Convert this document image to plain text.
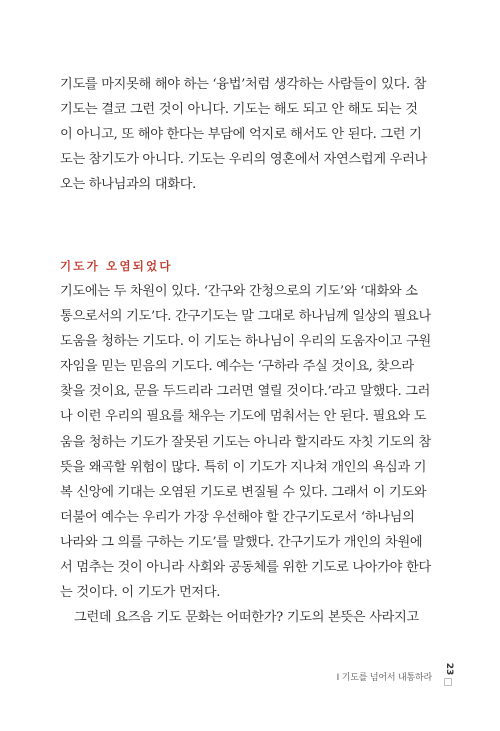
기도를 마지못해 해야 하는 ‘융법’처럼 생각하는 사람들이 있다. 참
기도는 결코 그런 것이 아니다. 기도는 해도 되고 안 해도 되는 것
이 아니고, 또 해야 한다는 부담에 억지로 해서도 안 된다. 그런 기
도는 참기도가 아니다. 기도는 우리의 영혼에서 자연스럽게 우러나
오는 하나님과의 대화다.
기도가 오염되었다
기도에는 두 차원이 있다. ‘간구와 간청으로의 기도’와 ‘대화와 소
통으로서의 기도’다. 간구기도는 말 그대로 하나님께 일상의 필요나
도움을 청하는 기도다. 이 기도는 하나님이 우리의 도움자이고 구원
자임을 믿는 믿음의 기도다. 예수는 ‘구하라 주실 것이요, 찾으라
찾을 것이요, 문을 두드리라 그러면 열릴 것이다.’라고 말했다. 그러
나 이런 우리의 필요를 채우는 기도에 멈춰서는 안 된다. 필요와 도
움을 청하는 기도가 잘못된 기도는 아니라 할지라도 자칫 기도의 참
뜻을 왜곡할 위험이 많다. 특히 이 기도가 지나쳐 개인의 욕심과 기
복 신앙에 기대는 오염된 기도로 변질될 수 있다. 그래서 이 기도와
더불어 예수는 우리가 가장 우선해야 할 간구기도로서 ‘하나님의
나라와 그 의를 구하는 기도’를 말했다. 간구기도가 개인의 차원에
서 멈추는 것이 아니라 사회와 공동체를 위한 기도로 나아가야 한다
는 것이다. 이 기도가 먼저다.
그런데 요즈음 기도 문화는 어떠한가? 기도의 본뜻은 사라지고
I 기도를 넘어서 내통하라
23
